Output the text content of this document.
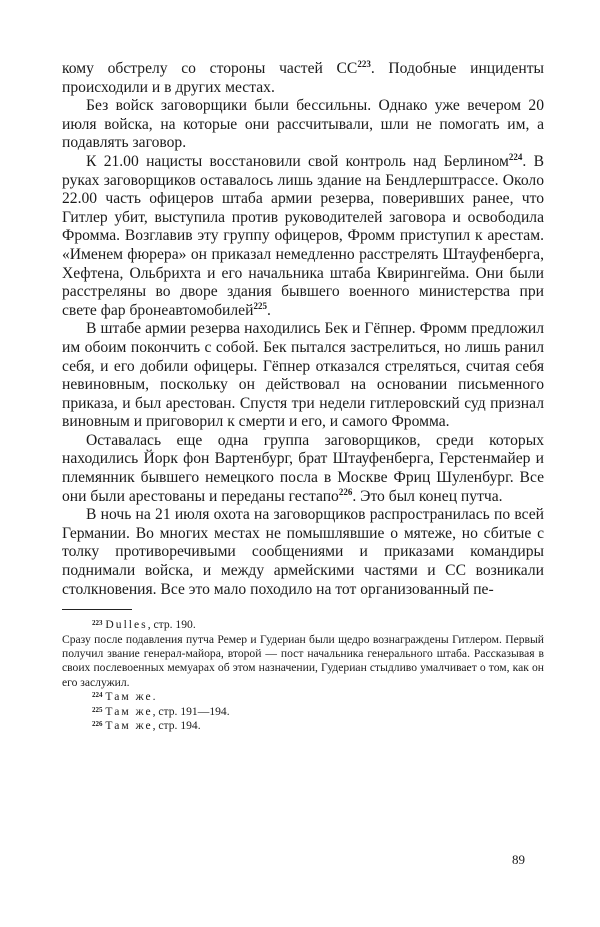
кому обстрелу со стороны частей СС$^{223}$. Подобные инциденты происходили и в других местах.

Без войск заговорщики были бессильны. Однако уже вечером 20 июля войска, на которые они рассчитывали, шли не помогать им, а подавлять заговор.

К 21.00 нацисты восстановили свой контроль над Берлином$^{224}$. В руках заговорщиков оставалось лишь здание на Бендлерштрассе. Около 22.00 часть офицеров штаба армии резерва, поверивших ранее, что Гитлер убит, выступила против руководителей заговора и освободила Фромма. Возглавив эту группу офицеров, Фромм приступил к арестам. «Именем фюрера» он приказал немедленно расстрелять Штауфенберга, Хефтена, Ольбрихта и его начальника штаба Квирингейма. Они были расстреляны во дворе здания бывшего военного министерства при свете фар бронеавтомобилей$^{225}$.

В штабе армии резерва находились Бек и Гёпнер. Фромм предложил им обоим покончить с собой. Бек пытался застрелиться, но лишь ранил себя, и его добили офицеры. Гёпнер отказался стреляться, считая себя невиновным, поскольку он действовал на основании письменного приказа, и был арестован. Спустя три недели гитлеровский суд признал виновным и приговорил к смерти и его, и самого Фромма.

Оставалась еще одна группа заговорщиков, среди которых находились Йорк фон Вартенбург, брат Штауфенберга, Герстенмайер и племянник бывшего немецкого посла в Москве Фриц Шуленбург. Все они были арестованы и переданы гестапо$^{226}$. Это был конец путча.

В ночь на 21 июля охота на заговорщиков распространилась по всей Германии. Во многих местах не помышлявшие о мятеже, но сбитые с толку противоречивыми сообщениями и приказами командиры поднимали войска, и между армейскими частями и СС возникали столкновения. Все это мало походило на тот организованный пе-

$^{223}$ Dulles, стр. 190.

Сразу после подавления путча Ремер и Гудериан были щедро вознаграждены Гитлером. Первый получил звание генерал-майора, второй — пост начальника генерального штаба. Рассказывая в своих послевоенных мемуарах об этом назначении, Гудериан стыдливо умалчивает о том, как он его заслужил.

$^{224}$ Там же.

$^{225}$ Там же, стр. 191—194.

$^{226}$ Там же, стр. 194.

89
